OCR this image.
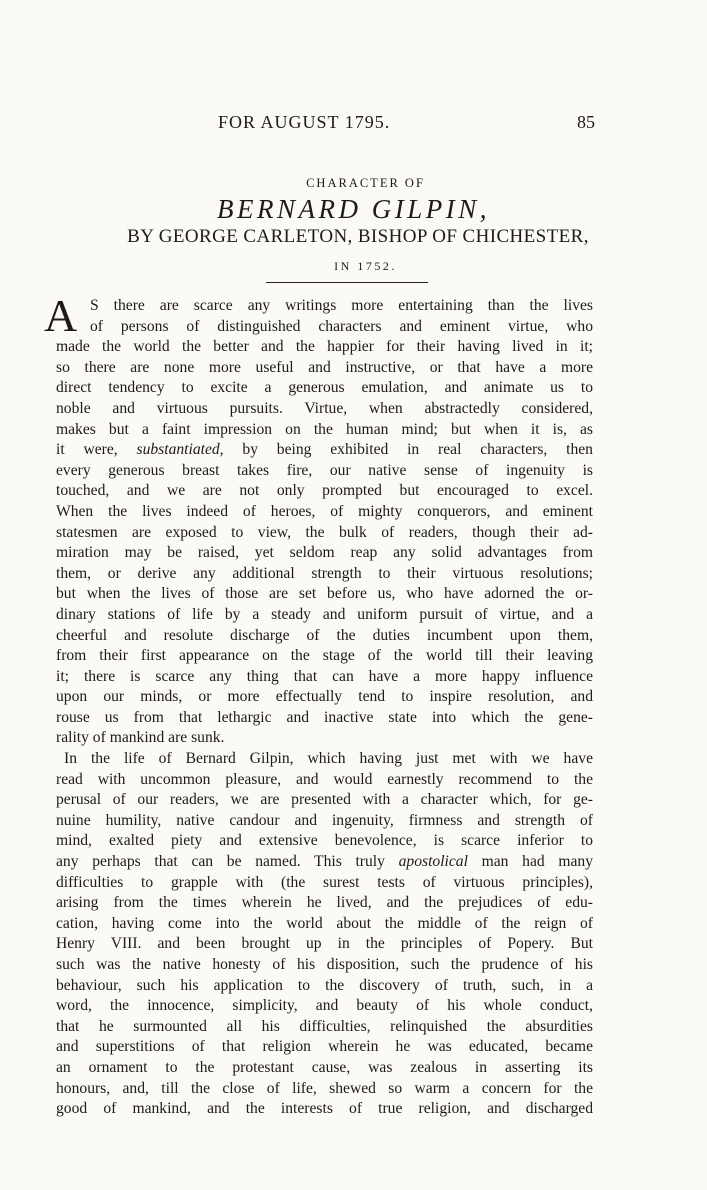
FOR AUGUST 1795.	85
CHARACTER OF
BERNARD GILPIN,
BY GEORGE CARLETON, BISHOP OF CHICHESTER,
IN 1752.
A S there are scarce any writings more entertaining than the lives
of persons of distinguished characters and eminent virtue, who
made the world the better and the happier for their having lived in it;
so there are none more useful and instructive, or that have a more
direct tendency to excite a generous emulation, and animate us to
noble and virtuous pursuits. Virtue, when abstractedly considered,
makes but a faint impression on the human mind; but when it is, as
it were, substantiated, by being exhibited in real characters, then
every generous breast takes fire, our native sense of ingenuity is
touched, and we are not only prompted but encouraged to excel.
When the lives indeed of heroes, of mighty conquerors, and eminent
statesmen are exposed to view, the bulk of readers, though their ad-
miration may be raised, yet seldom reap any solid advantages from
them, or derive any additional strength to their virtuous resolutions;
but when the lives of those are set before us, who have adorned the or-
dinary stations of life by a steady and uniform pursuit of virtue, and a
cheerful and resolute discharge of the duties incumbent upon them,
from their first appearance on the stage of the world till their leaving
it; there is scarce any thing that can have a more happy influence
upon our minds, or more effectually tend to inspire resolution, and
rouse us from that lethargic and inactive state into which the gene-
rality of mankind are sunk.
In the life of Bernard Gilpin, which having just met with we have
read with uncommon pleasure, and would earnestly recommend to the
perusal of our readers, we are presented with a character which, for ge-
nuine humility, native candour and ingenuity, firmness and strength of
mind, exalted piety and extensive benevolence, is scarce inferior to
any perhaps that can be named. This truly apostolical man had many
difficulties to grapple with (the surest tests of virtuous principles),
arising from the times wherein he lived, and the prejudices of edu-
cation, having come into the world about the middle of the reign of
Henry VIII. and been brought up in the principles of Popery. But
such was the native honesty of his disposition, such the prudence of his
behaviour, such his application to the discovery of truth, such, in a
word, the innocence, simplicity, and beauty of his whole conduct,
that he surmounted all his difficulties, relinquished the absurdities
and superstitions of that religion wherein he was educated, became
an ornament to the protestant cause, was zealous in asserting its
honours, and, till the close of life, shewed so warm a concern for the
good of mankind, and the interests of true religion, and discharged
